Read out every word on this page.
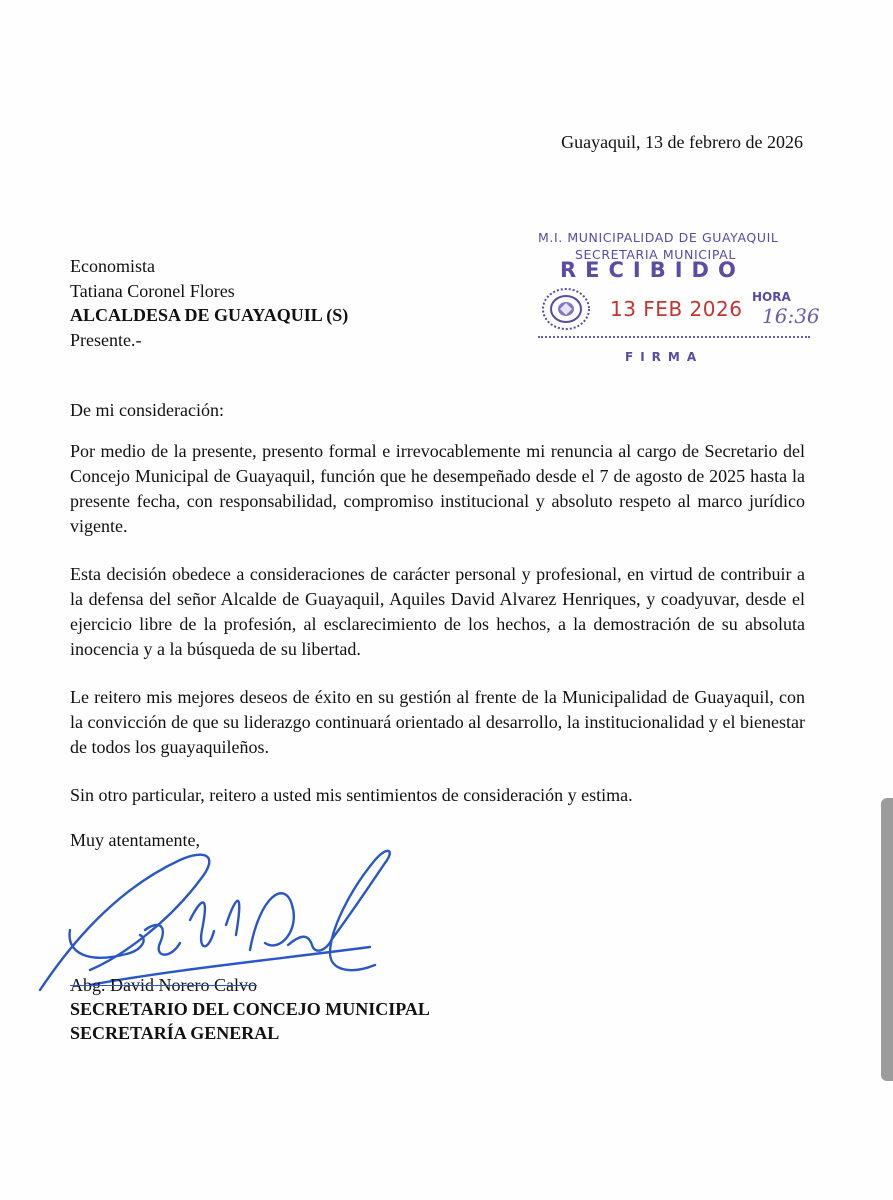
Guayaquil, 13 de febrero de 2026
Economista
Tatiana Coronel Flores
ALCALDESA DE GUAYAQUIL (S)
Presente.-
M.I. MUNICIPALIDAD DE GUAYAQUIL
SECRETARIA MUNICIPAL
RECIBIDO
13 FEB 2026 HORA
16:36
FIRMA

De mi consideración:

Por medio de la presente, presento formal e irrevocablemente mi renuncia al cargo de Secretario del Concejo Municipal de Guayaquil, función que he desempeñado desde el 7 de agosto de 2025 hasta la presente fecha, con responsabilidad, compromiso institucional y absoluto respeto al marco jurídico vigente.

Esta decisión obedece a consideraciones de carácter personal y profesional, en virtud de contribuir a la defensa del señor Alcalde de Guayaquil, Aquiles David Alvarez Henriques, y coadyuvar, desde el ejercicio libre de la profesión, al esclarecimiento de los hechos, a la demostración de su absoluta inocencia y a la búsqueda de su libertad.

Le reitero mis mejores deseos de éxito en su gestión al frente de la Municipalidad de Guayaquil, con la convicción de que su liderazgo continuará orientado al desarrollo, la institucionalidad y el bienestar de todos los guayaquileños.

Sin otro particular, reitero a usted mis sentimientos de consideración y estima.

Muy atentamente,
Abg. David Norero Calvo
SECRETARIO DEL CONCEJO MUNICIPAL
SECRETARÍA GENERAL
